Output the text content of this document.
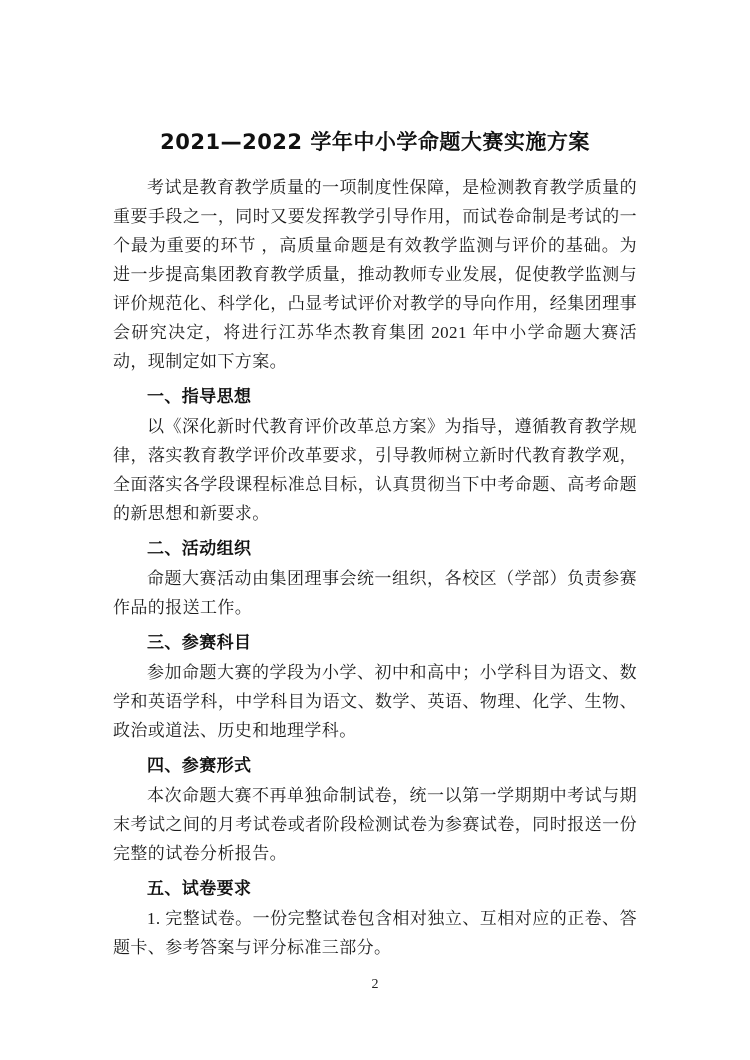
2021—2022 学年中小学命题大赛实施方案

考试是教育教学质量的一项制度性保障，是检测教育教学质量的重要手段之一，同时又要发挥教学引导作用，而试卷命制是考试的一个最为重要的环节 ，高质量命题是有效教学监测与评价的基础。为进一步提高集团教育教学质量，推动教师专业发展，促使教学监测与评价规范化、科学化，凸显考试评价对教学的导向作用，经集团理事会研究决定，将进行江苏华杰教育集团 2021 年中小学命题大赛活动，现制定如下方案。

一、指导思想

以《深化新时代教育评价改革总方案》为指导，遵循教育教学规律，落实教育教学评价改革要求，引导教师树立新时代教育教学观， 全面落实各学段课程标准总目标，认真贯彻当下中考命题、高考命题的新思想和新要求。

二、活动组织

命题大赛活动由集团理事会统一组织，各校区（学部）负责参赛作品的报送工作。

三、参赛科目

参加命题大赛的学段为小学、初中和高中；小学科目为语文、数学和英语学科，中学科目为语文、数学、英语、物理、化学、生物、政治或道法、历史和地理学科。

四、参赛形式

本次命题大赛不再单独命制试卷，统一以第一学期期中考试与期末考试之间的月考试卷或者阶段检测试卷为参赛试卷，同时报送一份完整的试卷分析报告。

五、试卷要求

1. 完整试卷。一份完整试卷包含相对独立、互相对应的正卷、答题卡、参考答案与评分标准三部分。

2
